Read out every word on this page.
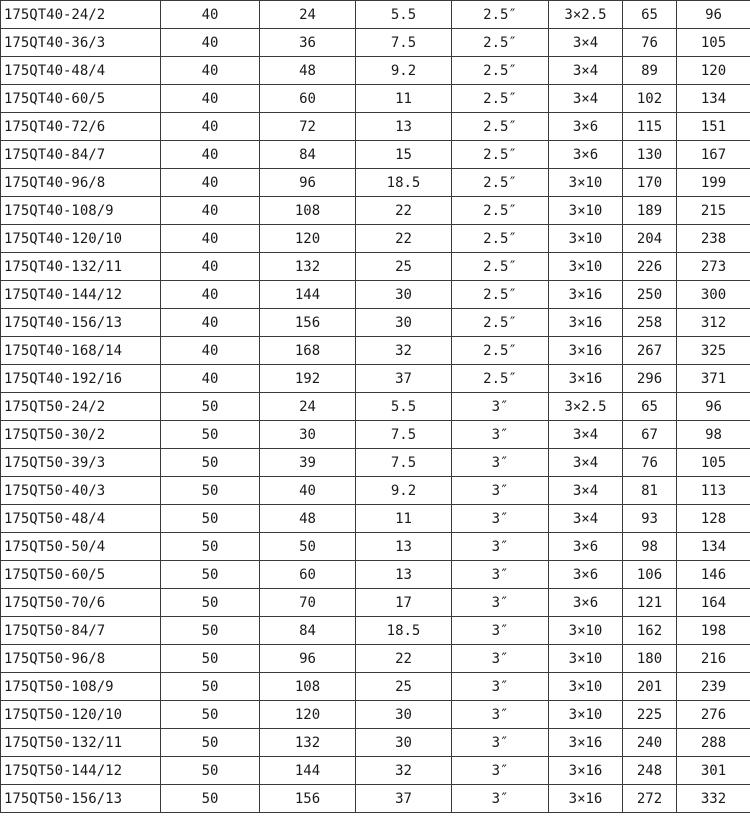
175QT40-24/2	40	24	5.5	2.5″	3×2.5	65	96
175QT40-36/3	40	36	7.5	2.5″	3×4	76	105
175QT40-48/4	40	48	9.2	2.5″	3×4	89	120
175QT40-60/5	40	60	11	2.5″	3×4	102	134
175QT40-72/6	40	72	13	2.5″	3×6	115	151
175QT40-84/7	40	84	15	2.5″	3×6	130	167
175QT40-96/8	40	96	18.5	2.5″	3×10	170	199
175QT40-108/9	40	108	22	2.5″	3×10	189	215
175QT40-120/10	40	120	22	2.5″	3×10	204	238
175QT40-132/11	40	132	25	2.5″	3×10	226	273
175QT40-144/12	40	144	30	2.5″	3×16	250	300
175QT40-156/13	40	156	30	2.5″	3×16	258	312
175QT40-168/14	40	168	32	2.5″	3×16	267	325
175QT40-192/16	40	192	37	2.5″	3×16	296	371
175QT50-24/2	50	24	5.5	3″	3×2.5	65	96
175QT50-30/2	50	30	7.5	3″	3×4	67	98
175QT50-39/3	50	39	7.5	3″	3×4	76	105
175QT50-40/3	50	40	9.2	3″	3×4	81	113
175QT50-48/4	50	48	11	3″	3×4	93	128
175QT50-50/4	50	50	13	3″	3×6	98	134
175QT50-60/5	50	60	13	3″	3×6	106	146
175QT50-70/6	50	70	17	3″	3×6	121	164
175QT50-84/7	50	84	18.5	3″	3×10	162	198
175QT50-96/8	50	96	22	3″	3×10	180	216
175QT50-108/9	50	108	25	3″	3×10	201	239
175QT50-120/10	50	120	30	3″	3×10	225	276
175QT50-132/11	50	132	30	3″	3×16	240	288
175QT50-144/12	50	144	32	3″	3×16	248	301
175QT50-156/13	50	156	37	3″	3×16	272	332
